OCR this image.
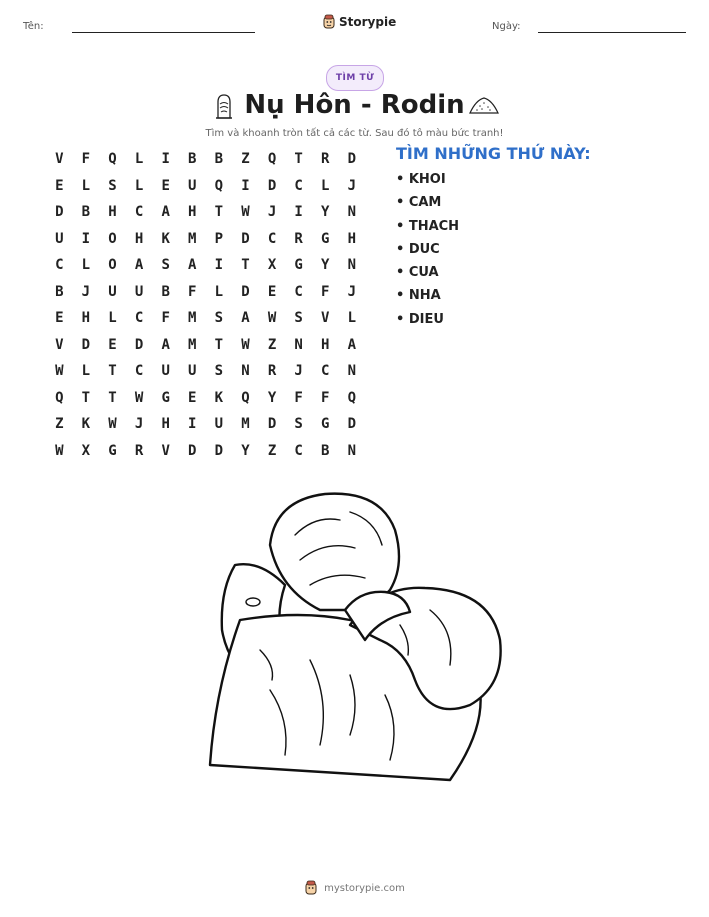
Tên:	Storypie	Ngày:
TÌM TỪ
Nụ Hôn - Rodin
Tìm và khoanh tròn tất cả các từ. Sau đó tô màu bức tranh!
V	F	Q	L	I	B	B	Z	Q	T	R	D
E	L	S	L	E	U	Q	I	D	C	L	J
D	B	H	C	A	H	T	W	J	I	Y	N
U	I	O	H	K	M	P	D	C	R	G	H
C	L	O	A	S	A	I	T	X	G	Y	N
B	J	U	U	B	F	L	D	E	C	F	J
E	H	L	C	F	M	S	A	W	S	V	L
V	D	E	D	A	M	T	W	Z	N	H	A
W	L	T	C	U	U	S	N	R	J	C	N
Q	T	T	W	G	E	K	Q	Y	F	F	Q
Z	K	W	J	H	I	U	M	D	S	G	D
W	X	G	R	V	D	D	Y	Z	C	B	N
TÌM NHỮNG THỨ NÀY:
• KHOI
• CAM
• THACH
• DUC
• CUA
• NHA
• DIEU
mystorypie.com
